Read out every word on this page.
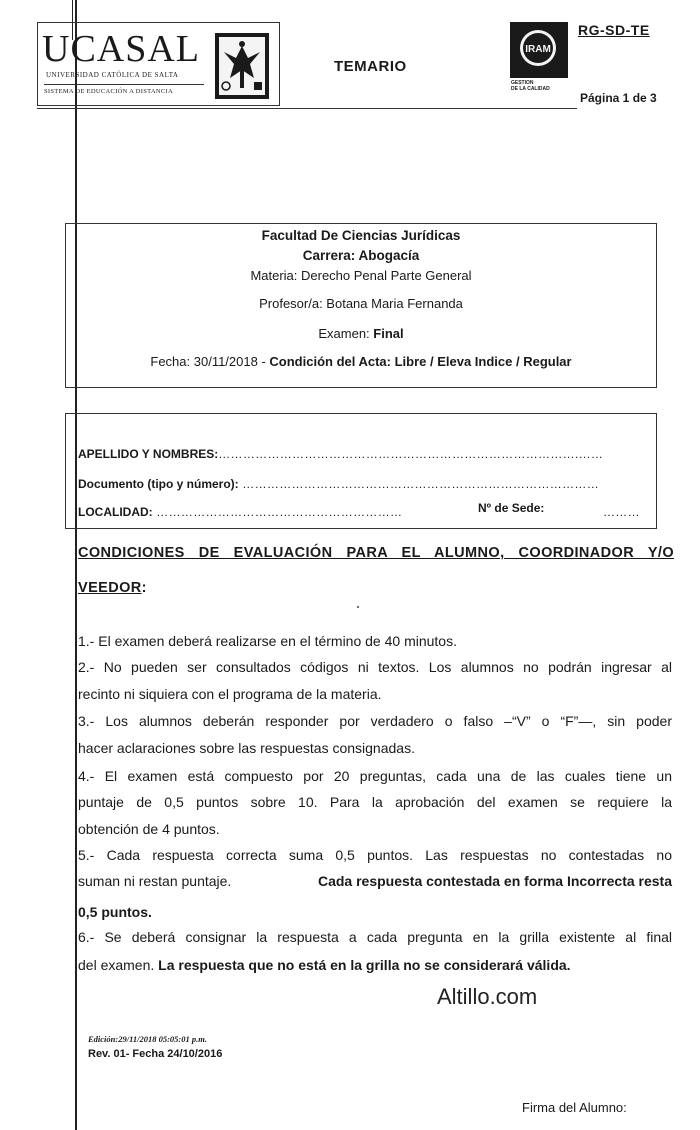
UCASAL
UNIVERSIDAD CATÓLICA DE SALTA
SISTEMA DE EDUCACIÓN A DISTANCIA
TEMARIO
IRAM
GESTION
DE LA CALIDAD
RG-SD-TE
Página 1 de 3
Facultad De Ciencias Jurídicas
Carrera: Abogacía
Materia: Derecho Penal Parte General
Profesor/a: Botana Maria Fernanda
Examen: Final
Fecha: 30/11/2018 - Condición del Acta: Libre / Eleva Indice / Regular
APELLIDO Y NOMBRES:…………………………………………………………………………….……
Documento (tipo y número): ……………………………………………………………………………
LOCALIDAD: ……………………………………………………	Nº de Sede:	………
CONDICIONES DE EVALUACIÓN PARA EL ALUMNO, COORDINADOR Y/O
VEEDOR:
1.- El examen deberá realizarse en el término de 40 minutos.
2.- No pueden ser consultados códigos ni textos. Los alumnos no podrán ingresar al
recinto ni siquiera con el programa de la materia.
3.- Los alumnos deberán responder por verdadero o falso –“V” o “F”—, sin poder
hacer aclaraciones sobre las respuestas consignadas.
4.- El examen está compuesto por 20 preguntas, cada una de las cuales tiene un
puntaje de 0,5 puntos sobre 10. Para la aprobación del examen se requiere la
obtención de 4 puntos.
5.- Cada respuesta correcta suma 0,5 puntos. Las respuestas no contestadas no
suman ni restan puntaje.	Cada respuesta contestada en forma Incorrecta resta
0,5 puntos.
6.- Se deberá consignar la respuesta a cada pregunta en la grilla existente al final
del examen. La respuesta que no está en la grilla no se considerará válida.
Altillo.com
Edición:29/11/2018 05:05:01 p.m.
Rev. 01- Fecha 24/10/2016
Firma del Alumno:
